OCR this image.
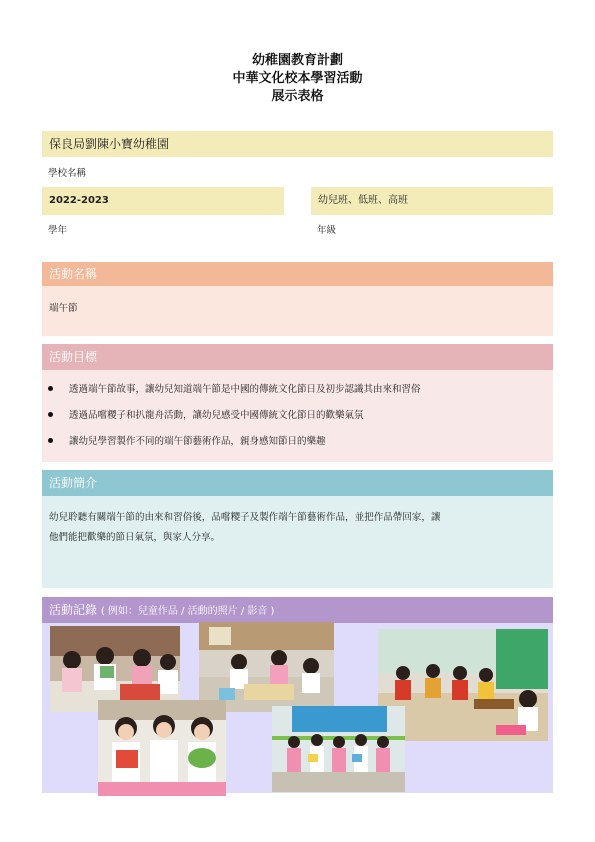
幼稚園教育計劃
中華文化校本學習活動
展示表格
保良局劉陳小寶幼稚園
學校名稱
2022-2023
學年
幼兒班、低班、高班
年級
活動名稱
端午節
活動目標
透過端午節故事，讓幼兒知道端午節是中國的傳統文化節日及初步認識其由來和習俗
透過品嚐糭子和扒龍舟活動，讓幼兒感受中國傳統文化節日的歡樂氣氛
讓幼兒學習製作不同的端午節藝術作品，親身感知節日的樂趣
活動簡介
幼兒聆聽有關端午節的由來和習俗後，品嚐糭子及製作端午節藝術作品，並把作品帶回家，讓
他們能把歡樂的節日氣氛，與家人分享。
活動記錄 ( 例如：兒童作品 / 活動的照片 / 影音 )
